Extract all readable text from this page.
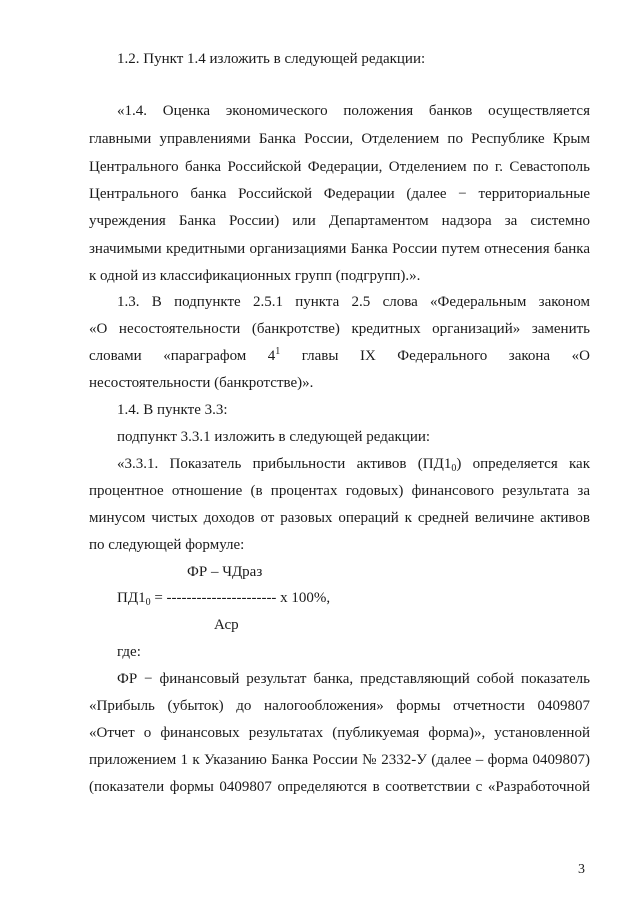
1.2. Пункт 1.4 изложить в следующей редакции:
«1.4. Оценка экономического положения банков осуществляется
главными управлениями Банка России, Отделением по Республике Крым
Центрального банка Российской Федерации, Отделением по г. Севастополь
Центрального банка Российской Федерации (далее − территориальные
учреждения Банка России) или Департаментом надзора за системно
значимыми кредитными организациями Банка России путем отнесения банка
к одной из классификационных групп (подгрупп).».
1.3. В подпункте 2.5.1 пункта 2.5 слова «Федеральным законом
«О несостоятельности (банкротстве) кредитных организаций» заменить
словами «параграфом $4^1$ главы IX Федерального закона «О
несостоятельности (банкротстве)».
1.4. В пункте 3.3:
подпункт 3.3.1 изложить в следующей редакции:
«3.3.1. Показатель прибыльности активов $(ПД1_0)$ определяется как
процентное отношение (в процентах годовых) финансового результата за
минусом чистых доходов от разовых операций к средней величине активов
по следующей формуле:
ФР – ЧДраз
$ПД1_0$ = ---------------------- х 100%,
Аср
где:
ФР − финансовый результат банка, представляющий собой показатель
«Прибыль (убыток) до налогообложения» формы отчетности 0409807
«Отчет о финансовых результатах (публикуемая форма)», установленной
приложением 1 к Указанию Банка России № 2332-У (далее – форма 0409807)
(показатели формы 0409807 определяются в соответствии с «Разработочной
3
